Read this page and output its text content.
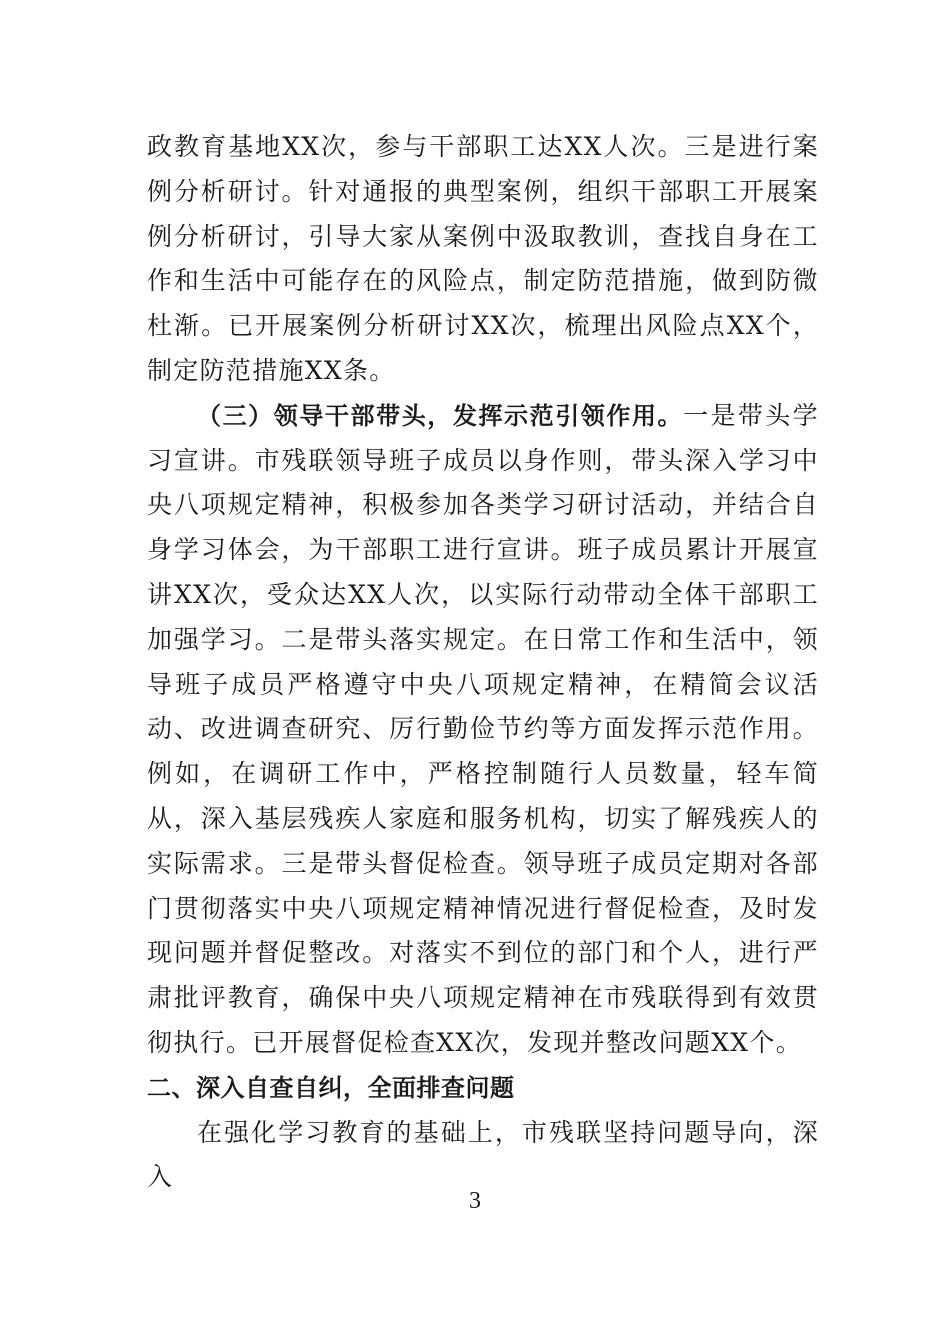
政教育基地XX次，参与干部职工达XX人次。三是进行案例分析研讨。针对通报的典型案例，组织干部职工开展案例分析研讨，引导大家从案例中汲取教训，查找自身在工作和生活中可能存在的风险点，制定防范措施，做到防微杜渐。已开展案例分析研讨XX次，梳理出风险点XX个，制定防范措施XX条。

（三）领导干部带头，发挥示范引领作用。一是带头学习宣讲。市残联领导班子成员以身作则，带头深入学习中央八项规定精神，积极参加各类学习研讨活动，并结合自身学习体会，为干部职工进行宣讲。班子成员累计开展宣讲XX次，受众达XX人次，以实际行动带动全体干部职工加强学习。二是带头落实规定。在日常工作和生活中，领导班子成员严格遵守中央八项规定精神，在精简会议活动、改进调查研究、厉行勤俭节约等方面发挥示范作用。例如，在调研工作中，严格控制随行人员数量，轻车简从，深入基层残疾人家庭和服务机构，切实了解残疾人的实际需求。三是带头督促检查。领导班子成员定期对各部门贯彻落实中央八项规定精神情况进行督促检查，及时发现问题并督促整改。对落实不到位的部门和个人，进行严肃批评教育，确保中央八项规定精神在市残联得到有效贯彻执行。已开展督促检查XX次，发现并整改问题XX个。

二、深入自查自纠，全面排查问题

在强化学习教育的基础上，市残联坚持问题导向，深入

3
